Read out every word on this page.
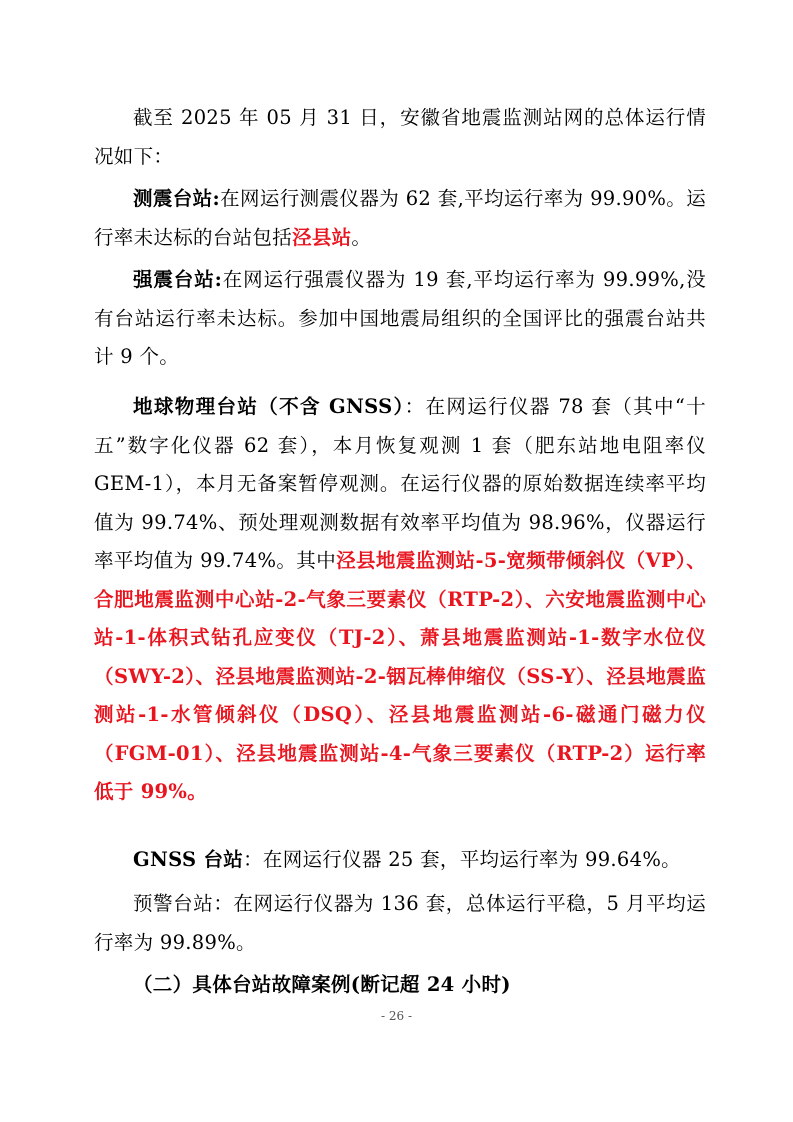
截至 2025 年 05 月 31 日，安徽省地震监测站网的总体运行情况如下：

测震台站:在网运行测震仪器为 62 套,平均运行率为 99.90%。运行率未达标的台站包括泾县站。

强震台站:在网运行强震仪器为 19 套,平均运行率为 99.99%,没有台站运行率未达标。参加中国地震局组织的全国评比的强震台站共计 9 个。

地球物理台站（不含 GNSS）：在网运行仪器 78 套（其中“十五”数字化仪器 62 套），本月恢复观测 1 套（肥东站地电阻率仪 GEM-1），本月无备案暂停观测。在运行仪器的原始数据连续率平均值为 99.74%、预处理观测数据有效率平均值为 98.96%，仪器运行率平均值为 99.74%。其中泾县地震监测站-5-宽频带倾斜仪（VP）、合肥地震监测中心站-2-气象三要素仪（RTP-2）、六安地震监测中心站-1-体积式钻孔应变仪（TJ-2）、萧县地震监测站-1-数字水位仪（SWY-2）、泾县地震监测站-2-铟瓦棒伸缩仪（SS-Y）、泾县地震监测站-1-水管倾斜仪（DSQ）、泾县地震监测站-6-磁通门磁力仪（FGM-01）、泾县地震监测站-4-气象三要素仪（RTP-2）运行率低于 99%。

GNSS 台站：在网运行仪器 25 套，平均运行率为 99.64%。

预警台站：在网运行仪器为 136 套，总体运行平稳，5 月平均运行率为 99.89%。

（二）具体台站故障案例(断记超 24 小时)

- 26 -
